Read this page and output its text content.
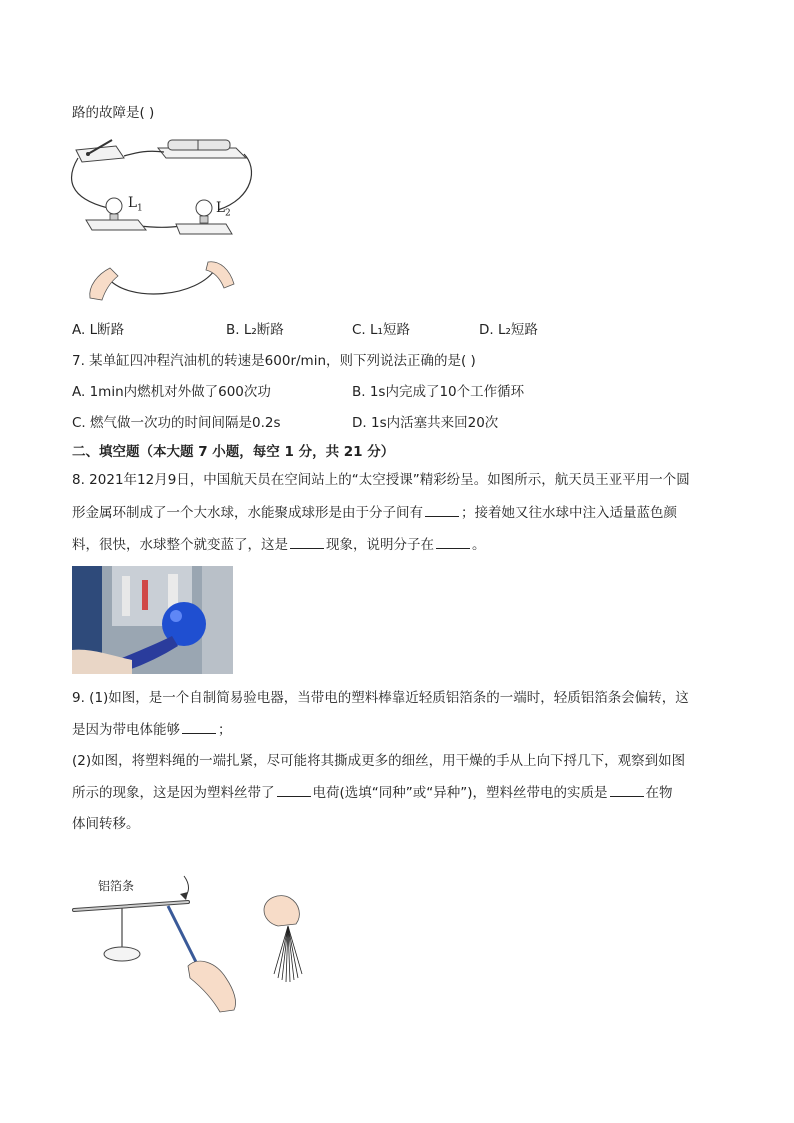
路的故障是( )
$L_1$	$L_2$
A. L断路	B. L₂断路	C. L₁短路	D. L₂短路
7. 某单缸四冲程汽油机的转速是600r/min，则下列说法正确的是( )
A. 1min内燃机对外做了600次功	B. 1s内完成了10个工作循环
C. 燃气做一次功的时间间隔是0.2s	D. 1s内活塞共来回20次
二、填空题（本大题 7 小题，每空 1 分，共 21 分）
8. 2021年12月9日，中国航天员在空间站上的“太空授课”精彩纷呈。如图所示，航天员王亚平用一个圆
形金属环制成了一个大水球，水能聚成球形是由于分子间有	；接着她又往水球中注入适量蓝色颜
料，很快，水球整个就变蓝了，这是	现象，说明分子在	。
9. (1)如图，是一个自制简易验电器，当带电的塑料棒靠近轻质铝箔条的一端时，轻质铝箔条会偏转，这
是因为带电体能够	；
(2)如图，将塑料绳的一端扎紧，尽可能将其撕成更多的细丝，用干燥的手从上向下捋几下，观察到如图
所示的现象，这是因为塑料丝带了	电荷(选填“同种”或“异种”)，塑料丝带电的实质是	在物
体间转移。
铝箔条
